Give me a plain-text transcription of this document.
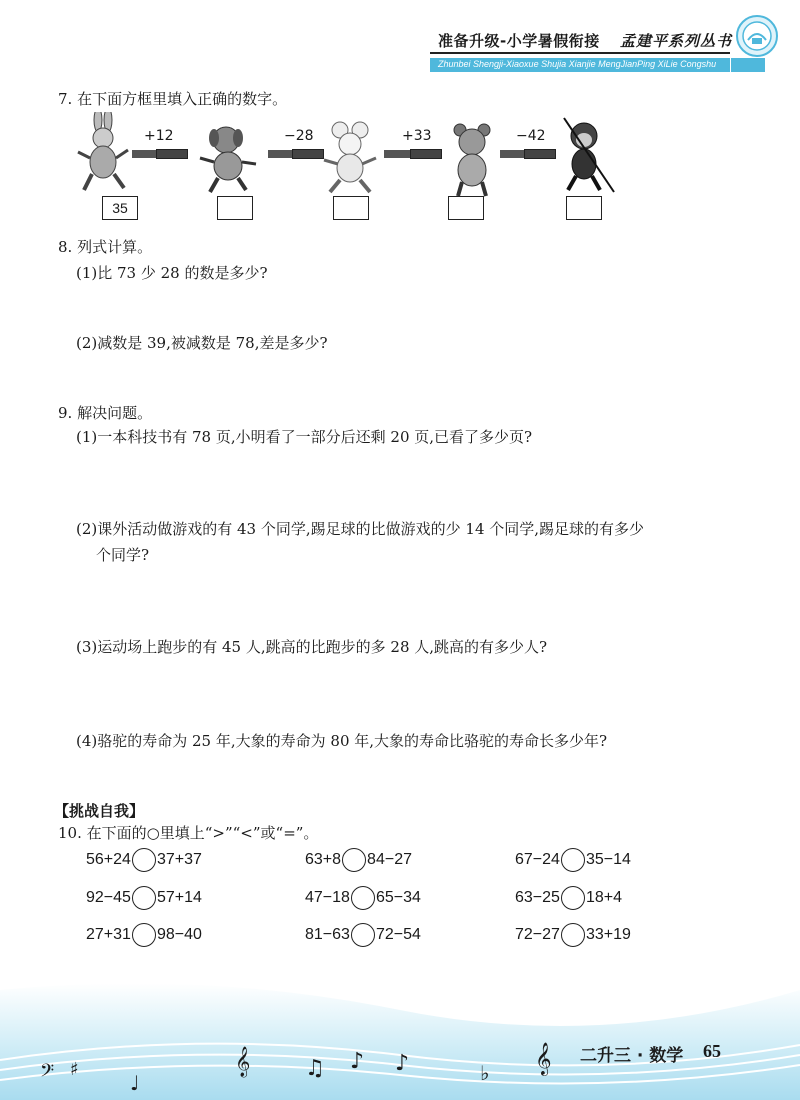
准备升级-小学暑假衔接 孟建平系列丛书
Zhunbei Shengji-Xiaoxue Shujia Xianjie MengJianPing XiLie Congshu
7. 在下面方框里填入正确的数字。
+12	−28	+33	−42
35
8. 列式计算。
(1)比 73 少 28 的数是多少?
(2)减数是 39,被减数是 78,差是多少?
9. 解决问题。
(1)一本科技书有 78 页,小明看了一部分后还剩 20 页,已看了多少页?
(2)课外活动做游戏的有 43 个同学,踢足球的比做游戏的少 14 个同学,踢足球的有多少
个同学?
(3)运动场上跑步的有 45 人,跳高的比跑步的多 28 人,跳高的有多少人?
(4)骆驼的寿命为 25 年,大象的寿命为 80 年,大象的寿命比骆驼的寿命长多少年?
【挑战自我】
10. 在下面的○里填上“>”“<”或“=”。
56+24 37+37	63+8 84−27	67−24 35−14
92−45 57+14	47−18 65−34	63−25 18+4
27+31 98−40	81−63 72−54	72−27 33+19
𝄢 ♯
♩
𝄞 ♫ ♪ ♪	♭ 𝄞 二升三 · 数学 65
